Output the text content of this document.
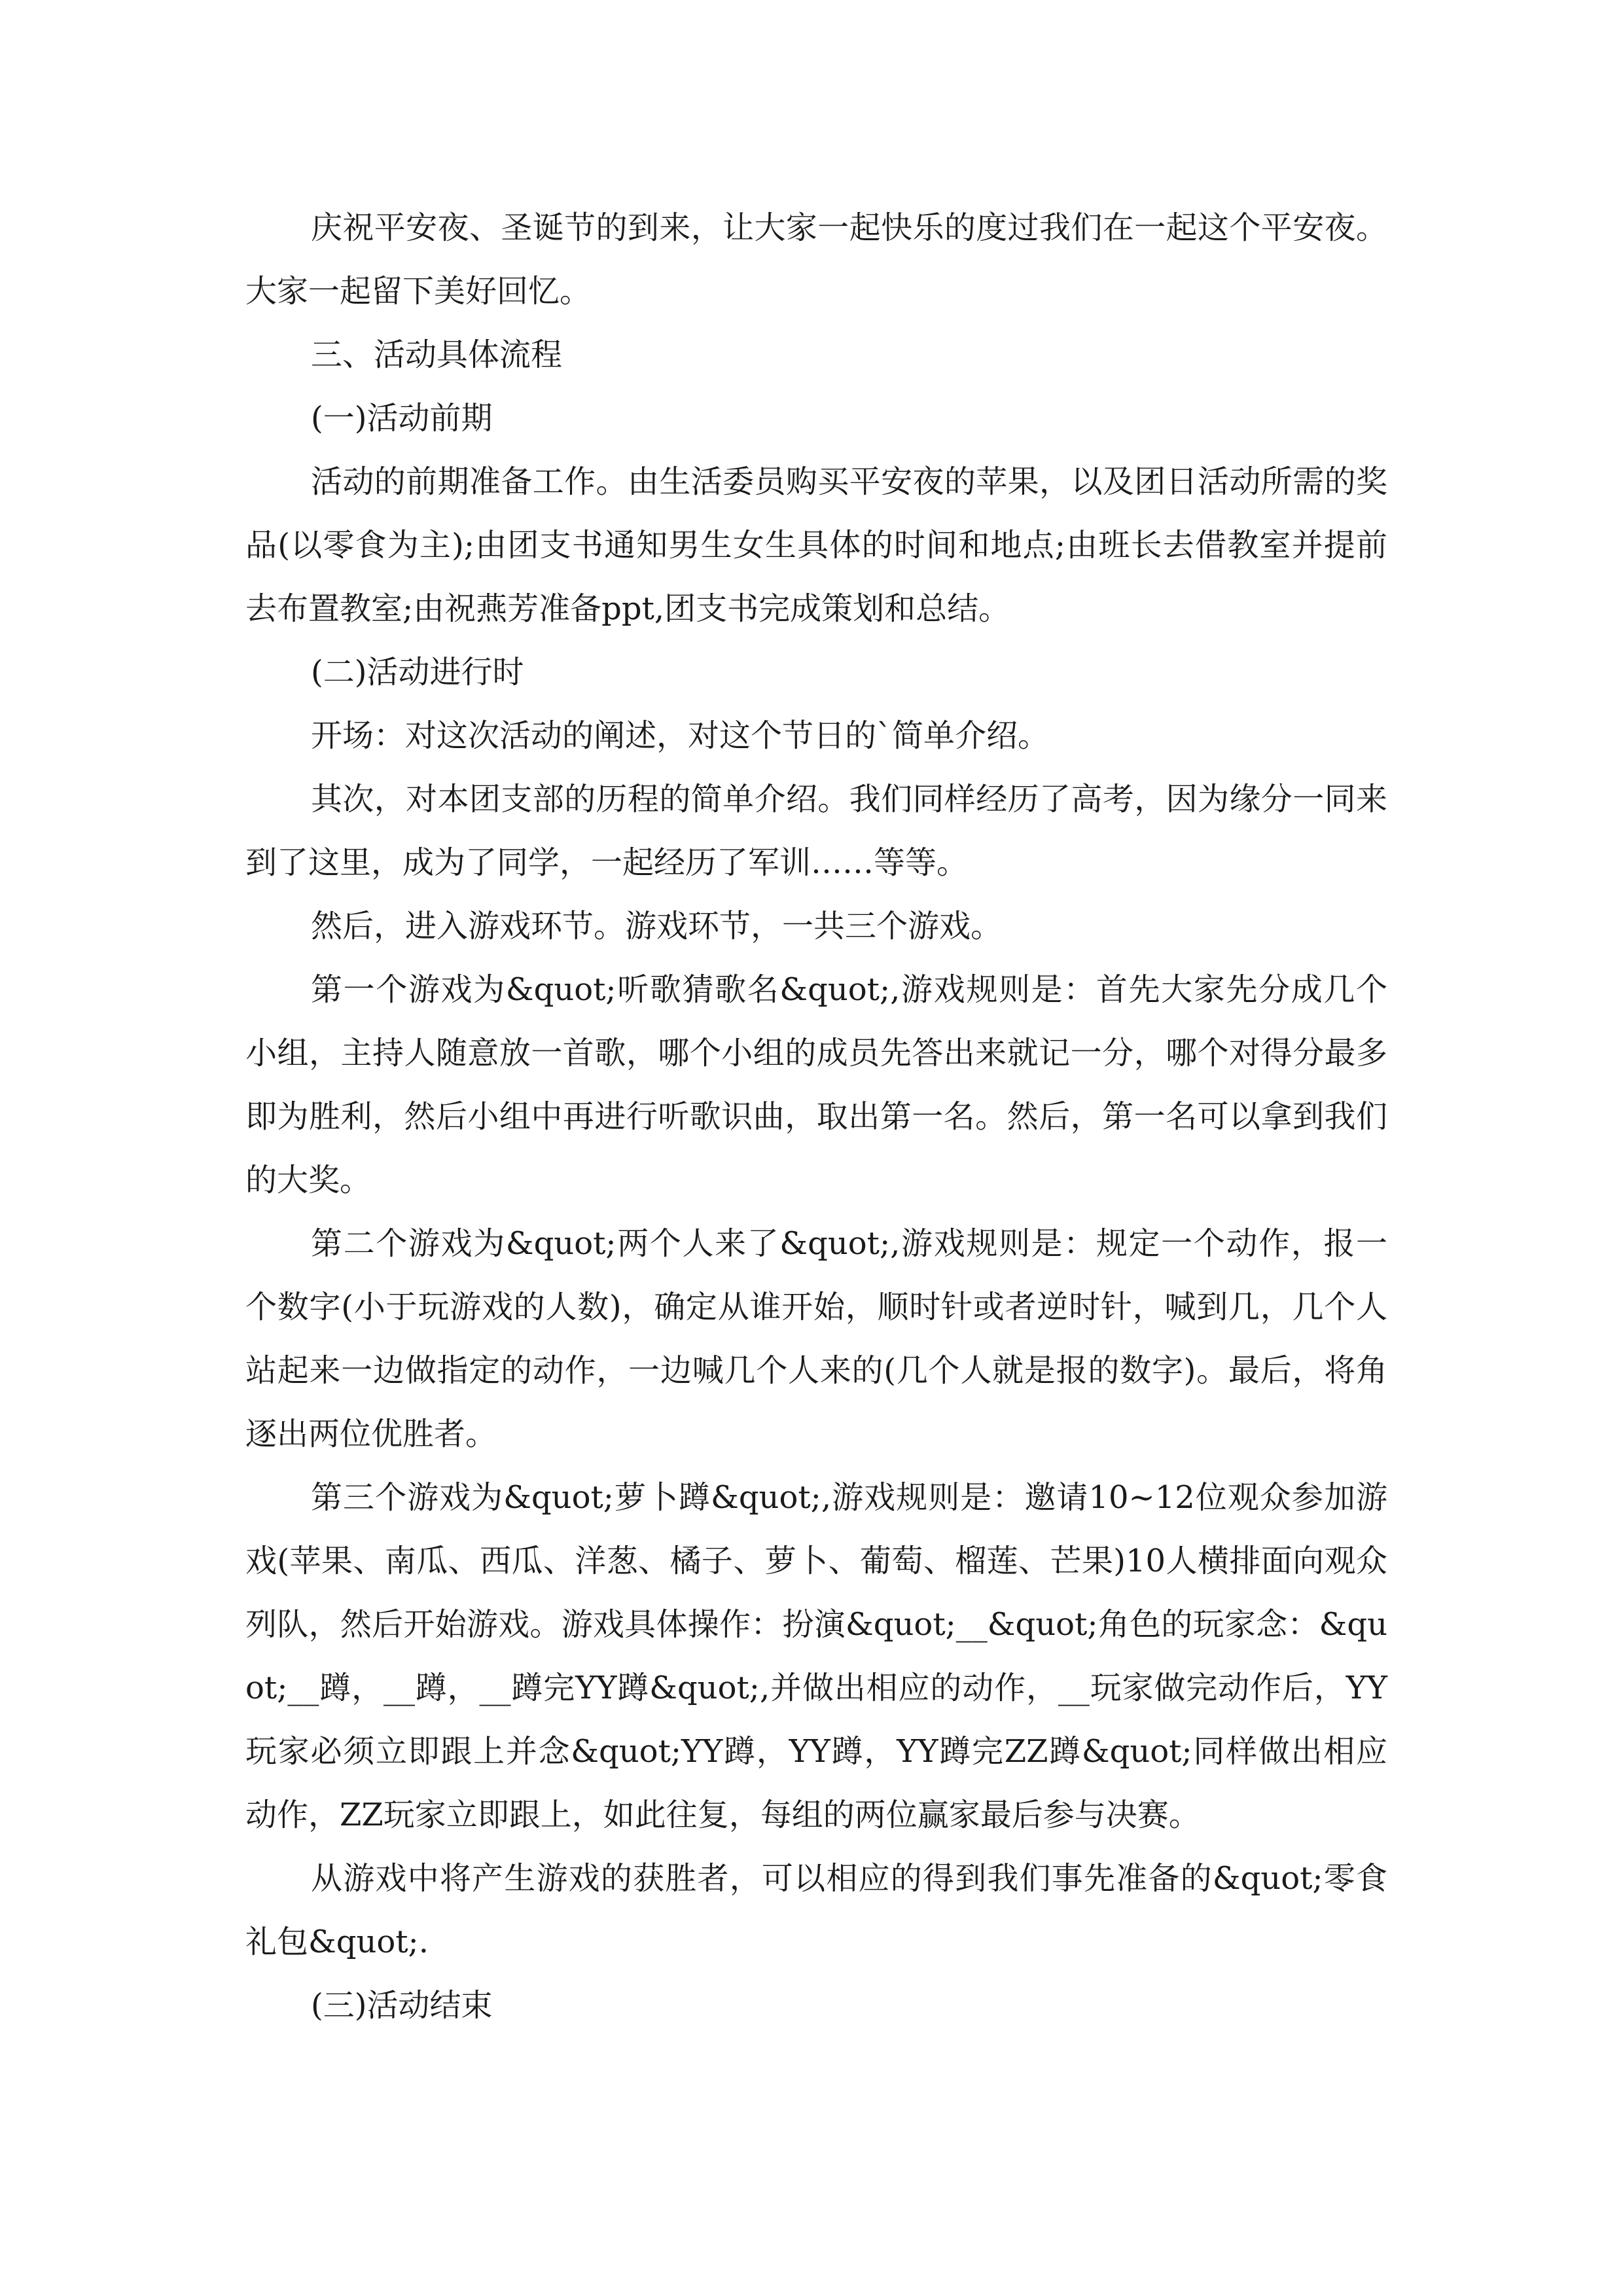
庆祝平安夜、圣诞节的到来，让大家一起快乐的度过我们在一起这个平安夜。大家一起留下美好回忆。

三、活动具体流程

(一)活动前期

活动的前期准备工作。由生活委员购买平安夜的苹果，以及团日活动所需的奖品(以零食为主);由团支书通知男生女生具体的时间和地点;由班长去借教室并提前去布置教室;由祝燕芳准备ppt,团支书完成策划和总结。

(二)活动进行时

开场：对这次活动的阐述，对这个节日的`简单介绍。

其次，对本团支部的历程的简单介绍。我们同样经历了高考，因为缘分一同来到了这里，成为了同学，一起经历了军训……等等。

然后，进入游戏环节。游戏环节，一共三个游戏。

第一个游戏为&quot;听歌猜歌名&quot;,游戏规则是：首先大家先分成几个小组，主持人随意放一首歌，哪个小组的成员先答出来就记一分，哪个对得分最多即为胜利，然后小组中再进行听歌识曲，取出第一名。然后，第一名可以拿到我们的大奖。

第二个游戏为&quot;两个人来了&quot;,游戏规则是：规定一个动作，报一个数字(小于玩游戏的人数)，确定从谁开始，顺时针或者逆时针，喊到几，几个人站起来一边做指定的动作，一边喊几个人来的(几个人就是报的数字)。最后，将角逐出两位优胜者。

第三个游戏为&quot;萝卜蹲&quot;,游戏规则是：邀请10~12位观众参加游戏(苹果、南瓜、西瓜、洋葱、橘子、萝卜、葡萄、榴莲、芒果)10人横排面向观众列队，然后开始游戏。游戏具体操作：扮演&quot;__&quot;角色的玩家念：&quot;__蹲，__蹲，__蹲完YY蹲&quot;,并做出相应的动作，__玩家做完动作后，YY玩家必须立即跟上并念&quot;YY蹲，YY蹲，YY蹲完ZZ蹲&quot;同样做出相应动作，ZZ玩家立即跟上，如此往复，每组的两位赢家最后参与决赛。

从游戏中将产生游戏的获胜者，可以相应的得到我们事先准备的&quot;零食礼包&quot;.

(三)活动结束
